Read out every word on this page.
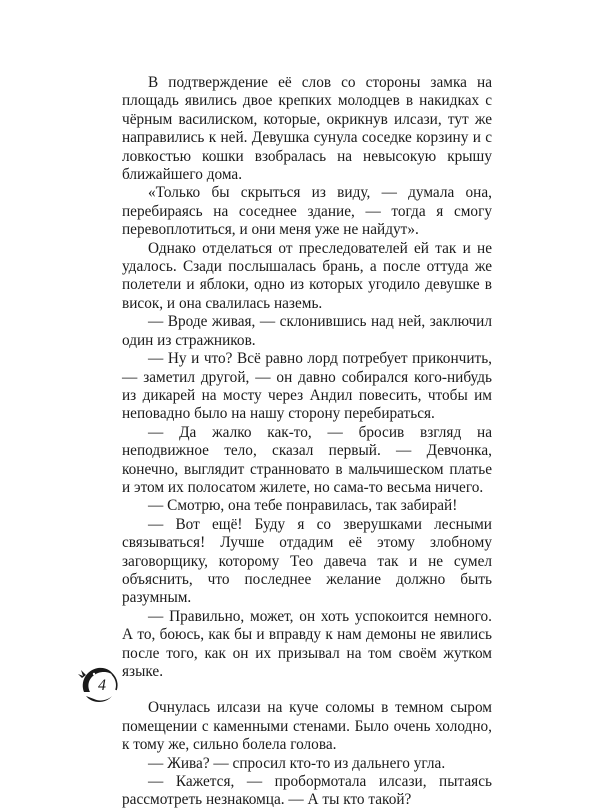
В подтверждение её слов со стороны замка на площадь явились двое крепких молодцев в накидках с чёрным василиском, которые, окрикнув илсази, тут же направились к ней. Девушка сунула соседке корзину и с ловкостью кошки взобралась на невысокую крышу ближайшего дома.

«Только бы скрыться из виду, — думала она, перебираясь на соседнее здание, — тогда я смогу перевоплотиться, и они меня уже не найдут».

Однако отделаться от преследователей ей так и не удалось. Сзади послышалась брань, а после оттуда же полетели и яблоки, одно из которых угодило девушке в висок, и она свалилась наземь.

— Вроде живая, — склонившись над ней, заключил один из стражников.

— Ну и что? Всё равно лорд потребует прикончить, — заметил другой, — он давно собирался кого-нибудь из дикарей на мосту через Андил повесить, чтобы им неповадно было на нашу сторону перебираться.

— Да жалко как-то, — бросив взгляд на неподвижное тело, сказал первый. — Девчонка, конечно, выглядит странновато в мальчишеском платье и этом их полосатом жилете, но сама-то весьма ничего.

— Смотрю, она тебе понравилась, так забирай!

— Вот ещё! Буду я со зверушками лесными связываться! Лучше отдадим её этому злобному заговорщику, которому Тео давеча так и не сумел объяснить, что последнее желание должно быть разумным.

— Правильно, может, он хоть успокоится немного. А то, боюсь, как бы и вправду к нам демоны не явились после того, как он их призывал на том своём жутком языке.

Очнулась илсази на куче соломы в темном сыром помещении с каменными стенами. Было очень холодно, к тому же, сильно болела голова.

— Жива? — спросил кто-то из дальнего угла.

— Кажется, — пробормотала илсази, пытаясь рассмотреть незнакомца. — А ты кто такой?

4
